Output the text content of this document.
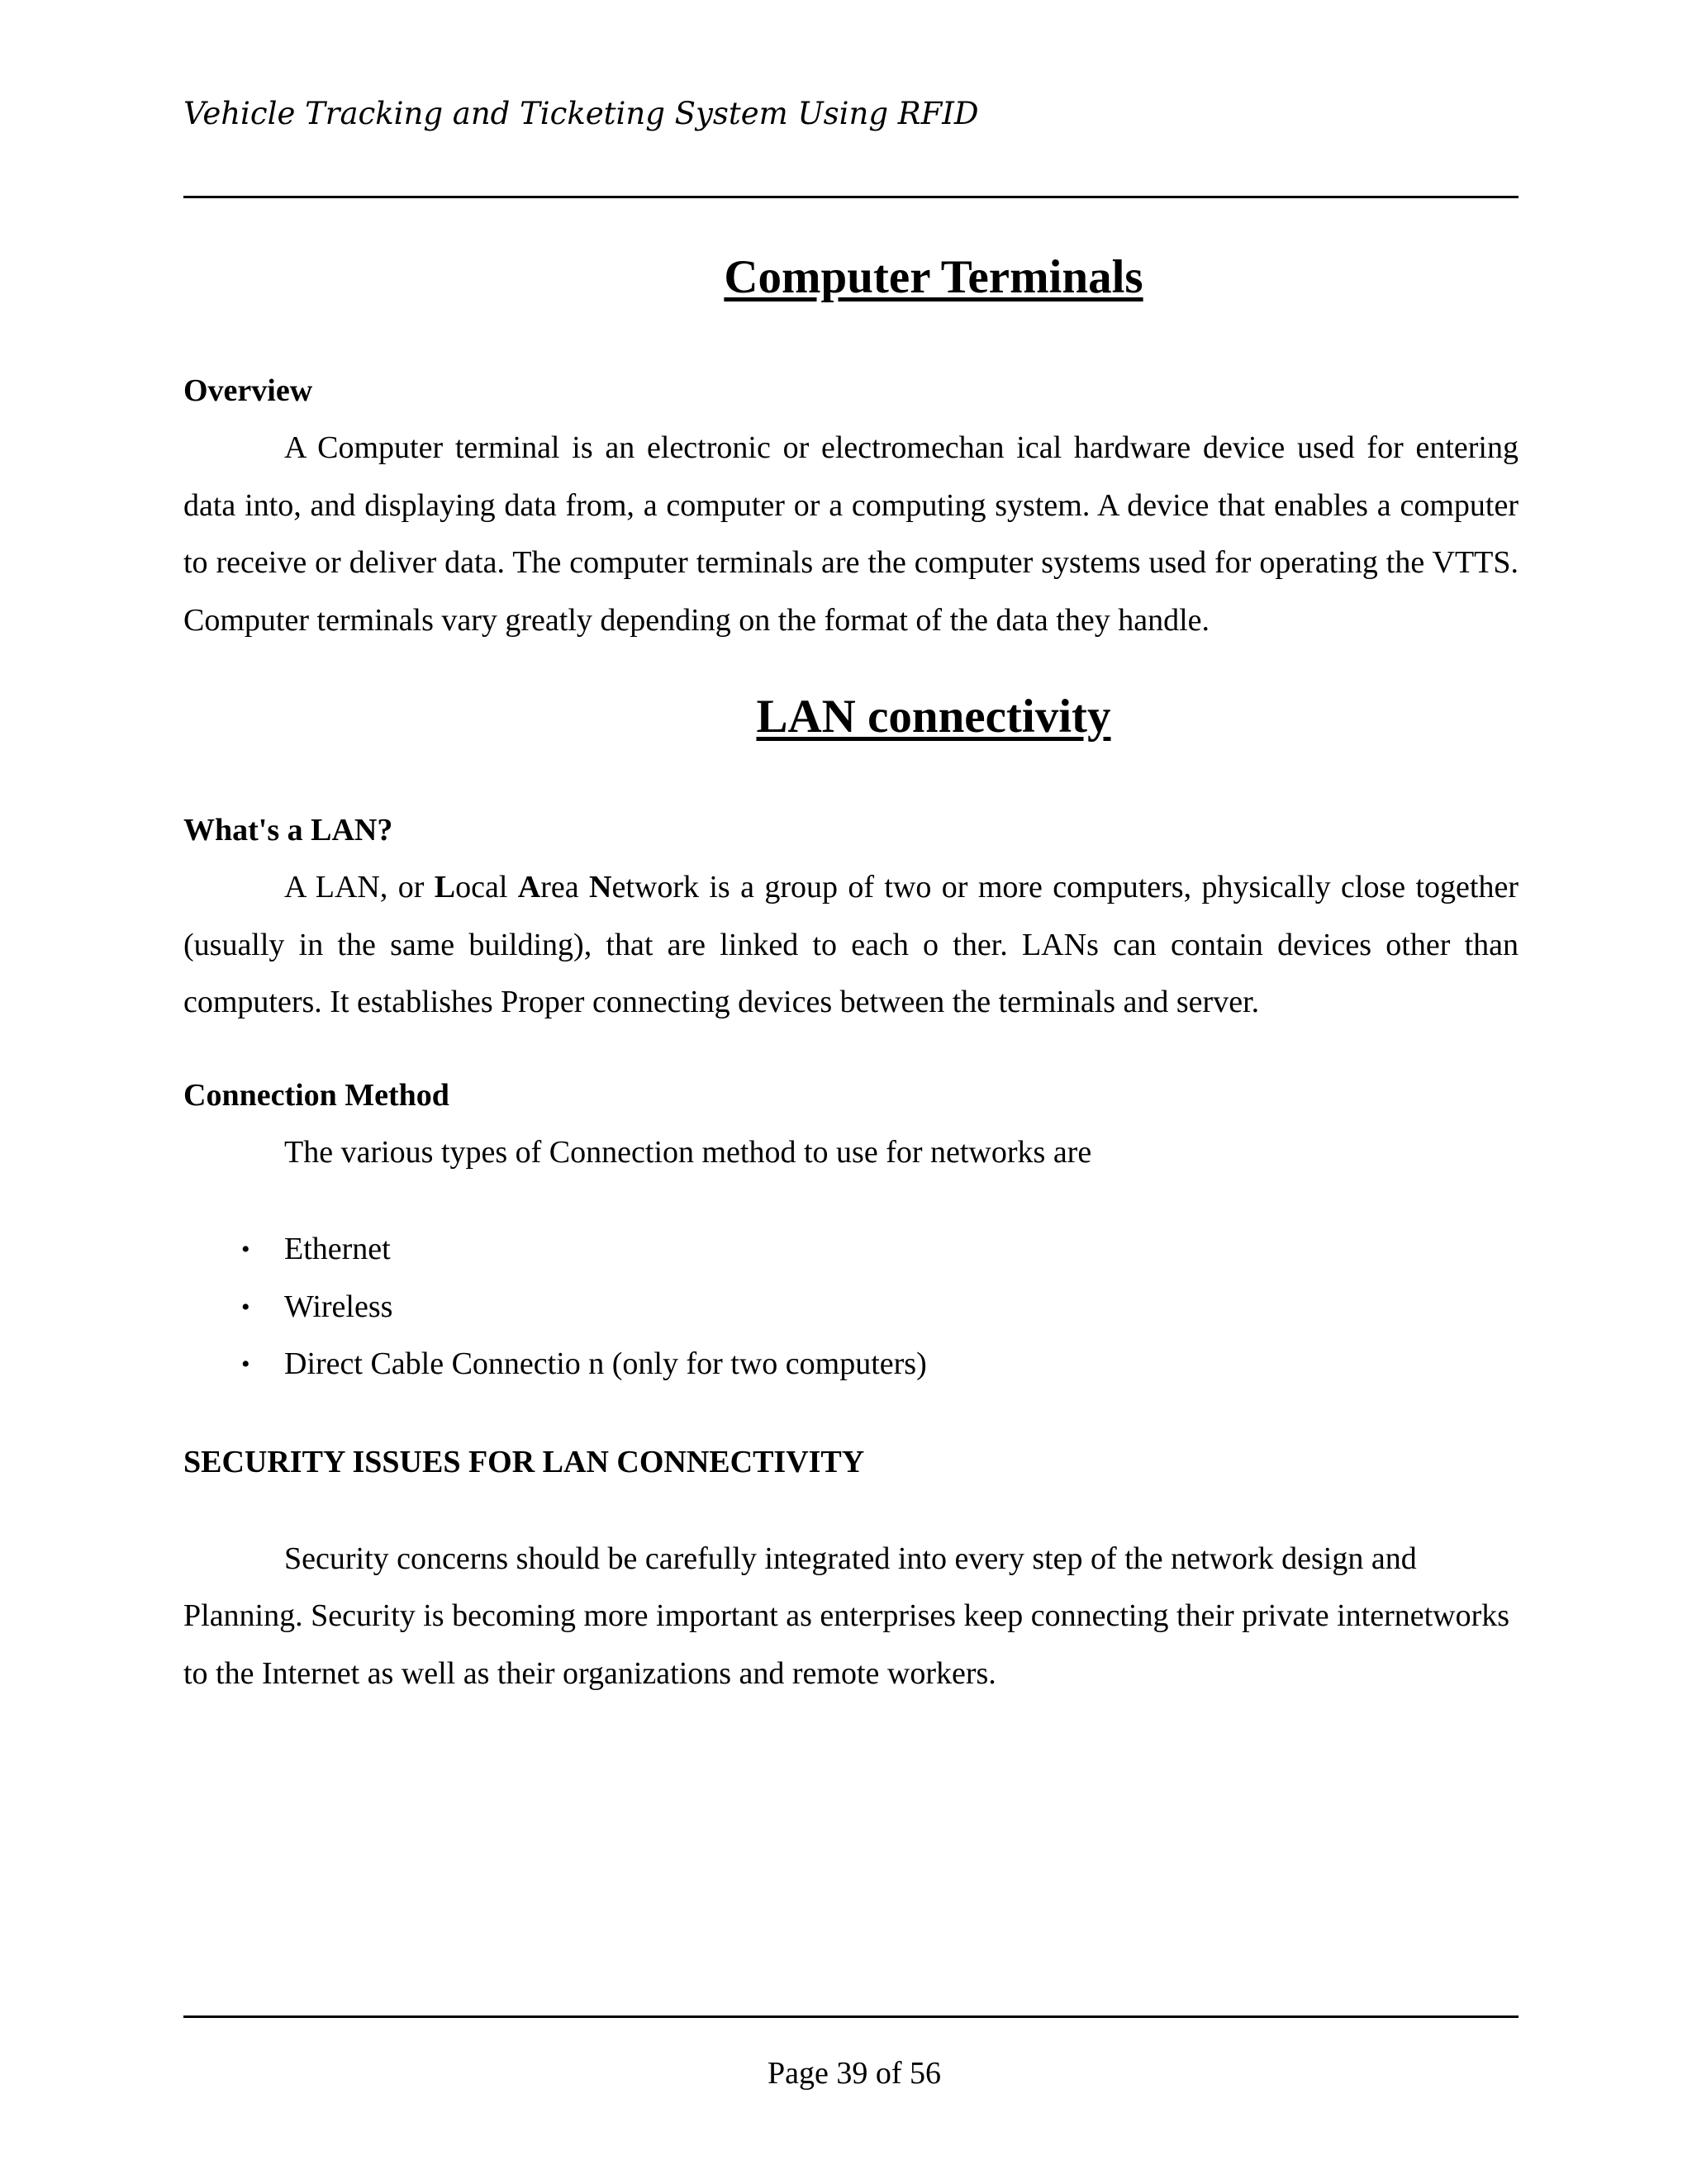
Vehicle Tracking and Ticketing System Using RFID
Computer Terminals

Overview

A Computer terminal is an electronic or electromechan ical hardware device used for entering data into, and displaying data from, a computer or a computing system. A device that enables a computer to receive or deliver data. The computer terminals are the computer systems used for operating the VTTS. Computer terminals vary greatly depending on the format of the data they handle.

LAN connectivity

What's a LAN?

A LAN, or Local Area Network is a group of two or more computers, physically close together (usually in the same building), that are linked to each o ther. LANs can contain devices other than computers. It establishes Proper connecting devices between the terminals and server.

Connection Method

The various types of Connection method to use for networks are

• Ethernet
• Wireless
• Direct Cable Connectio n (only for two computers)

SECURITY ISSUES FOR LAN CONNECTIVITY

Security concerns should be carefully integrated into every step of the network design and Planning. Security is becoming more important as enterprises keep connecting their private internetworks to the Internet as well as their organizations and remote workers.

Page 39 of 56
